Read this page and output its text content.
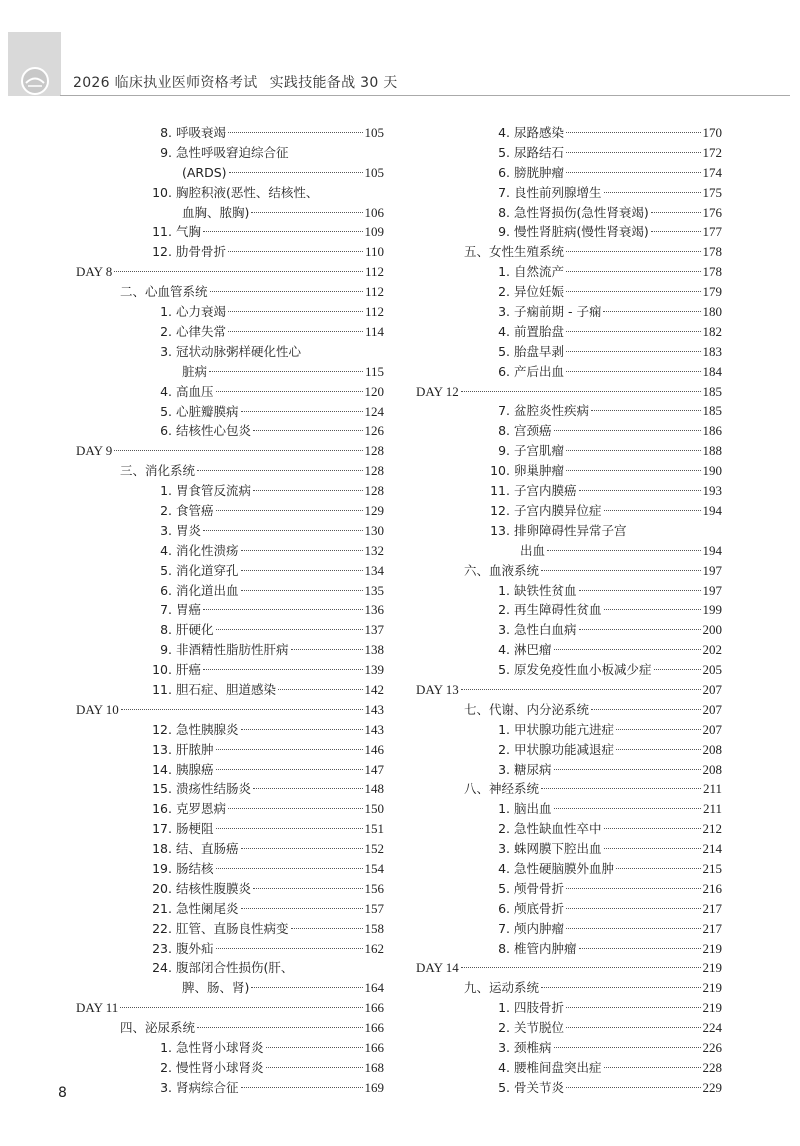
2026 临床执业医师资格考试 实践技能备战 30 天
8. 呼吸衰竭	105
9. 急性呼吸窘迫综合征
(ARDS)	105
10. 胸腔积液(恶性、结核性、
血胸、脓胸)	106
11. 气胸	109
12. 肋骨骨折	110
DAY 8	112
二、心血管系统	112
1. 心力衰竭	112
2. 心律失常	114
3. 冠状动脉粥样硬化性心
脏病	115
4. 高血压	120
5. 心脏瓣膜病	124
6. 结核性心包炎	126
DAY 9	128
三、消化系统	128
1. 胃食管反流病	128
2. 食管癌	129
3. 胃炎	130
4. 消化性溃疡	132
5. 消化道穿孔	134
6. 消化道出血	135
7. 胃癌	136
8. 肝硬化	137
9. 非酒精性脂肪性肝病	138
10. 肝癌	139
11. 胆石症、胆道感染	142
DAY 10	143
12. 急性胰腺炎	143
13. 肝脓肿	146
14. 胰腺癌	147
15. 溃疡性结肠炎	148
16. 克罗恩病	150
17. 肠梗阻	151
18. 结、直肠癌	152
19. 肠结核	154
20. 结核性腹膜炎	156
21. 急性阑尾炎	157
22. 肛管、直肠良性病变	158
23. 腹外疝	162
24. 腹部闭合性损伤(肝、
脾、肠、肾)	164
DAY 11	166
四、泌尿系统	166
1. 急性肾小球肾炎	166
2. 慢性肾小球肾炎	168
3. 肾病综合征	169
4. 尿路感染	170
5. 尿路结石	172
6. 膀胱肿瘤	174
7. 良性前列腺增生	175
8. 急性肾损伤(急性肾衰竭)	176
9. 慢性肾脏病(慢性肾衰竭)	177
五、女性生殖系统	178
1. 自然流产	178
2. 异位妊娠	179
3. 子痫前期 - 子痫	180
4. 前置胎盘	182
5. 胎盘早剥	183
6. 产后出血	184
DAY 12	185
7. 盆腔炎性疾病	185
8. 宫颈癌	186
9. 子宫肌瘤	188
10. 卵巢肿瘤	190
11. 子宫内膜癌	193
12. 子宫内膜异位症	194
13. 排卵障碍性异常子宫
出血	194
六、血液系统	197
1. 缺铁性贫血	197
2. 再生障碍性贫血	199
3. 急性白血病	200
4. 淋巴瘤	202
5. 原发免疫性血小板减少症	205
DAY 13	207
七、代谢、内分泌系统	207
1. 甲状腺功能亢进症	207
2. 甲状腺功能减退症	208
3. 糖尿病	208
八、神经系统	211
1. 脑出血	211
2. 急性缺血性卒中	212
3. 蛛网膜下腔出血	214
4. 急性硬脑膜外血肿	215
5. 颅骨骨折	216
6. 颅底骨折	217
7. 颅内肿瘤	217
8. 椎管内肿瘤	219
DAY 14	219
九、运动系统	219
1. 四肢骨折	219
2. 关节脱位	224
3. 颈椎病	226
4. 腰椎间盘突出症	228
5. 骨关节炎	229
8
